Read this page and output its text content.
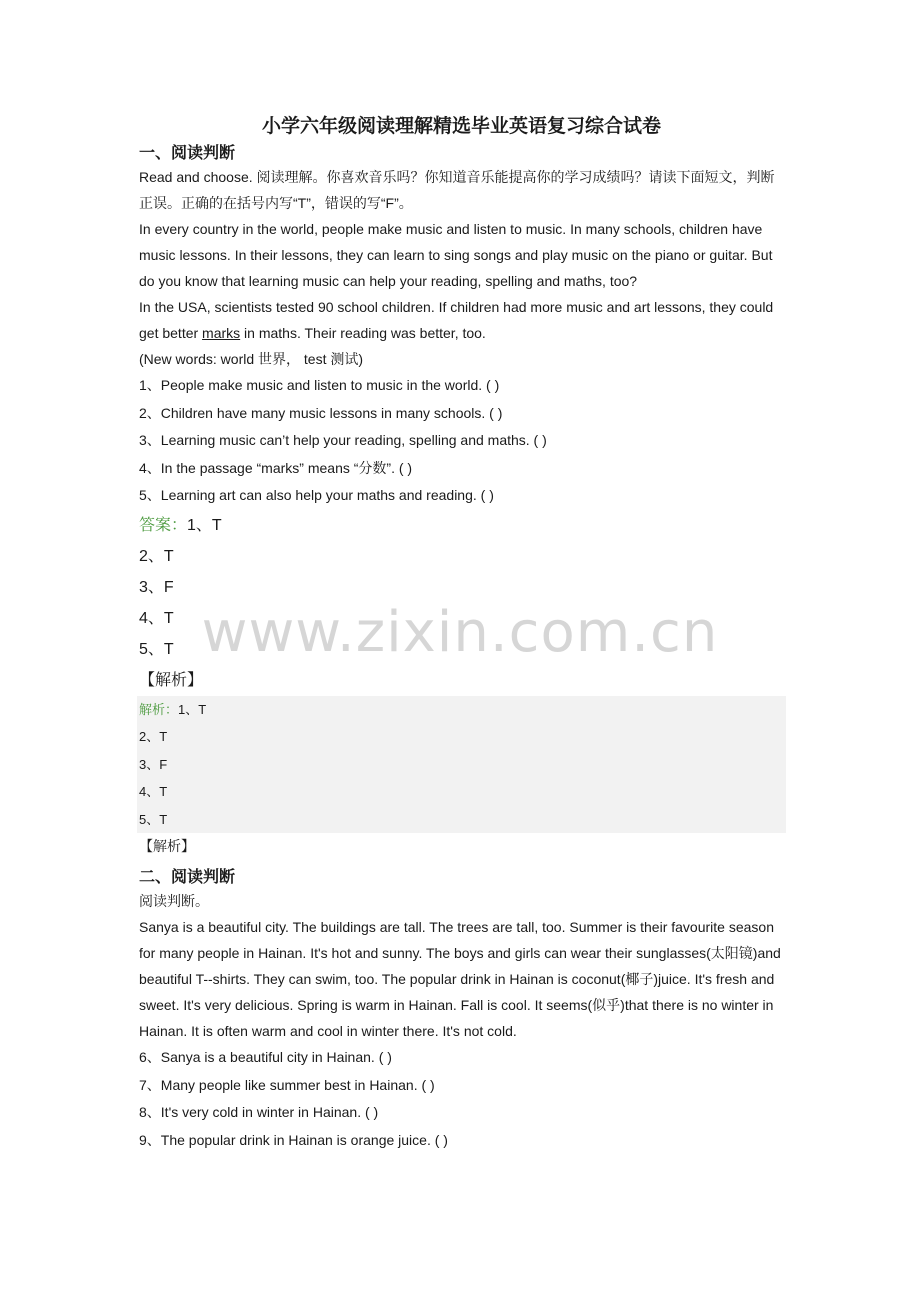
www.zixin.com.cn
小学六年级阅读理解精选毕业英语复习综合试卷
一、阅读判断

Read and choose. 阅读理解。你喜欢音乐吗？你知道音乐能提高你的学习成绩吗？请读下面短文，判断正误。正确的在括号内写“T”，错误的写“F”。

In every country in the world, people make music and listen to music. In many schools, children have music lessons. In their lessons, they can learn to sing songs and play music on the piano or guitar. But do you know that learning music can help your reading, spelling and maths, too?

In the USA, scientists tested 90 school children. If children had more music and art lessons, they could get better marks in maths. Their reading was better, too.

(New words: world 世界， test 测试)

1、People make music and listen to music in the world. ( )
2、Children have many music lessons in many schools. ( )
3、Learning music can’t help your reading, spelling and maths. ( )
4、In the passage “marks” means “分数”. ( )
5、Learning art can also help your maths and reading. ( )
答案：1、T
2、T
3、F
4、T
5、T
【解析】

解析：1、T

2、T

3、F

4、T

5、T

【解析】
二、阅读判断

阅读判断。

Sanya is a beautiful city. The buildings are tall. The trees are tall, too. Summer is their favourite season for many people in Hainan. It's hot and sunny. The boys and girls can wear their sunglasses(太阳镜)and beautiful T--shirts. They can swim, too. The popular drink in Hainan is coconut(椰子)juice. It's fresh and sweet. It's very delicious. Spring is warm in Hainan. Fall is cool. It seems(似乎)that there is no winter in Hainan. It is often warm and cool in winter there. It's not cold.

6、Sanya is a beautiful city in Hainan. ( )
7、Many people like summer best in Hainan. ( )
8、It's very cold in winter in Hainan. ( )
9、The popular drink in Hainan is orange juice. ( )
